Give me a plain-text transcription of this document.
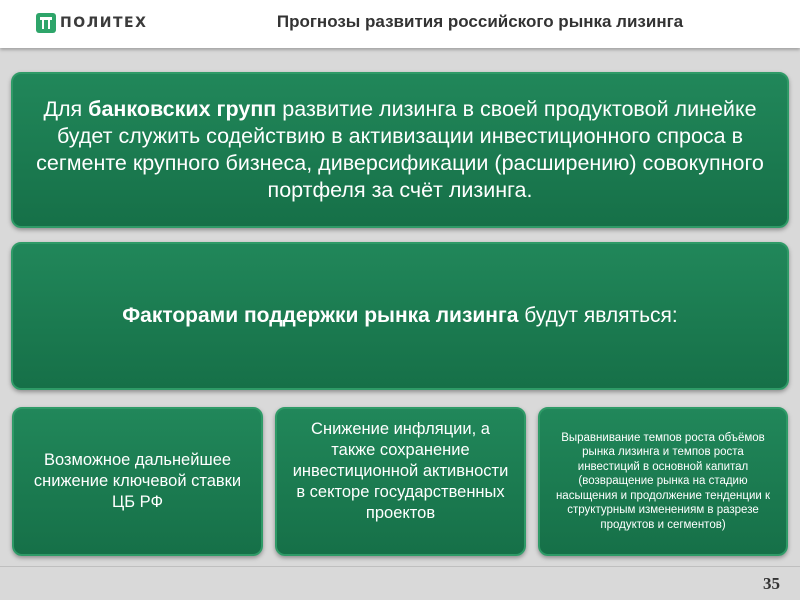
ПОЛИТЕХ	Прогнозы развития российского рынка лизинга
Для банковских групп развитие лизинга в своей продуктовой линейке будет служить содействию в активизации инвестиционного спроса в сегменте крупного бизнеса, диверсификации (расширению) совокупного портфеля за счёт лизинга.
Факторами поддержки рынка лизинга будут являться:
Возможное дальнейшее снижение ключевой ставки ЦБ РФ
Снижение инфляции, а также сохранение инвестиционной активности в секторе государственных проектов
Выравнивание темпов роста объёмов рынка лизинга и темпов роста инвестиций в основной капитал (возвращение рынка на стадию насыщения и продолжение тенденции к структурным изменениям в разрезе продуктов и сегментов)
35
